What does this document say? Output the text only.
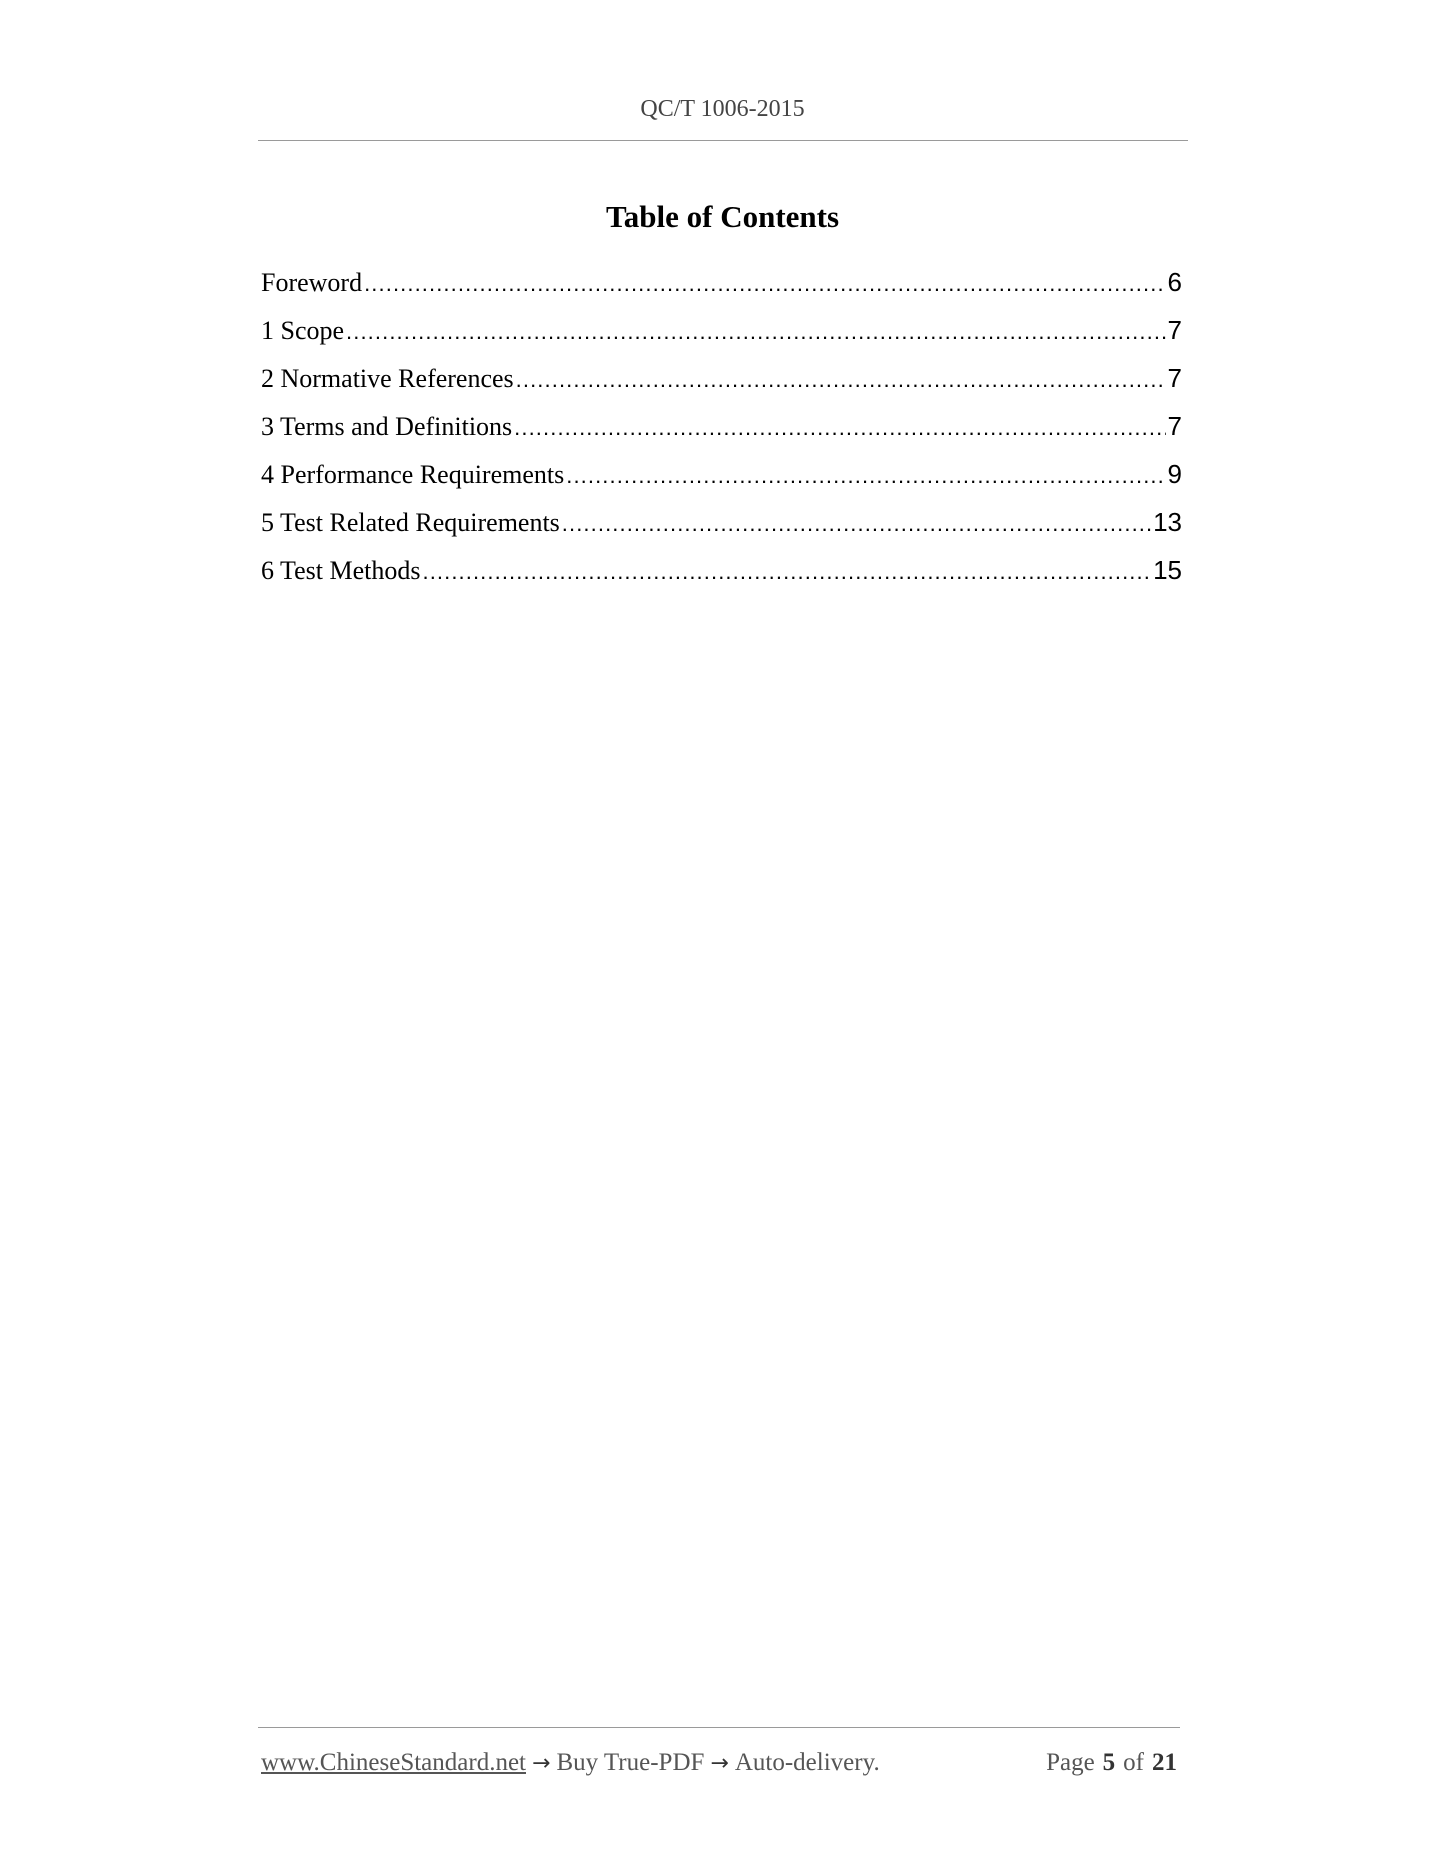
QC/T 1006-2015
Table of Contents
Foreword .....	6
1 Scope .....	7
2 Normative References .....	7
3 Terms and Definitions .....	7
4 Performance Requirements .....	9
5 Test Related Requirements .....	13
6 Test Methods .....	15
www.ChineseStandard.net → Buy True-PDF → Auto-delivery.	Page 5 of 21
